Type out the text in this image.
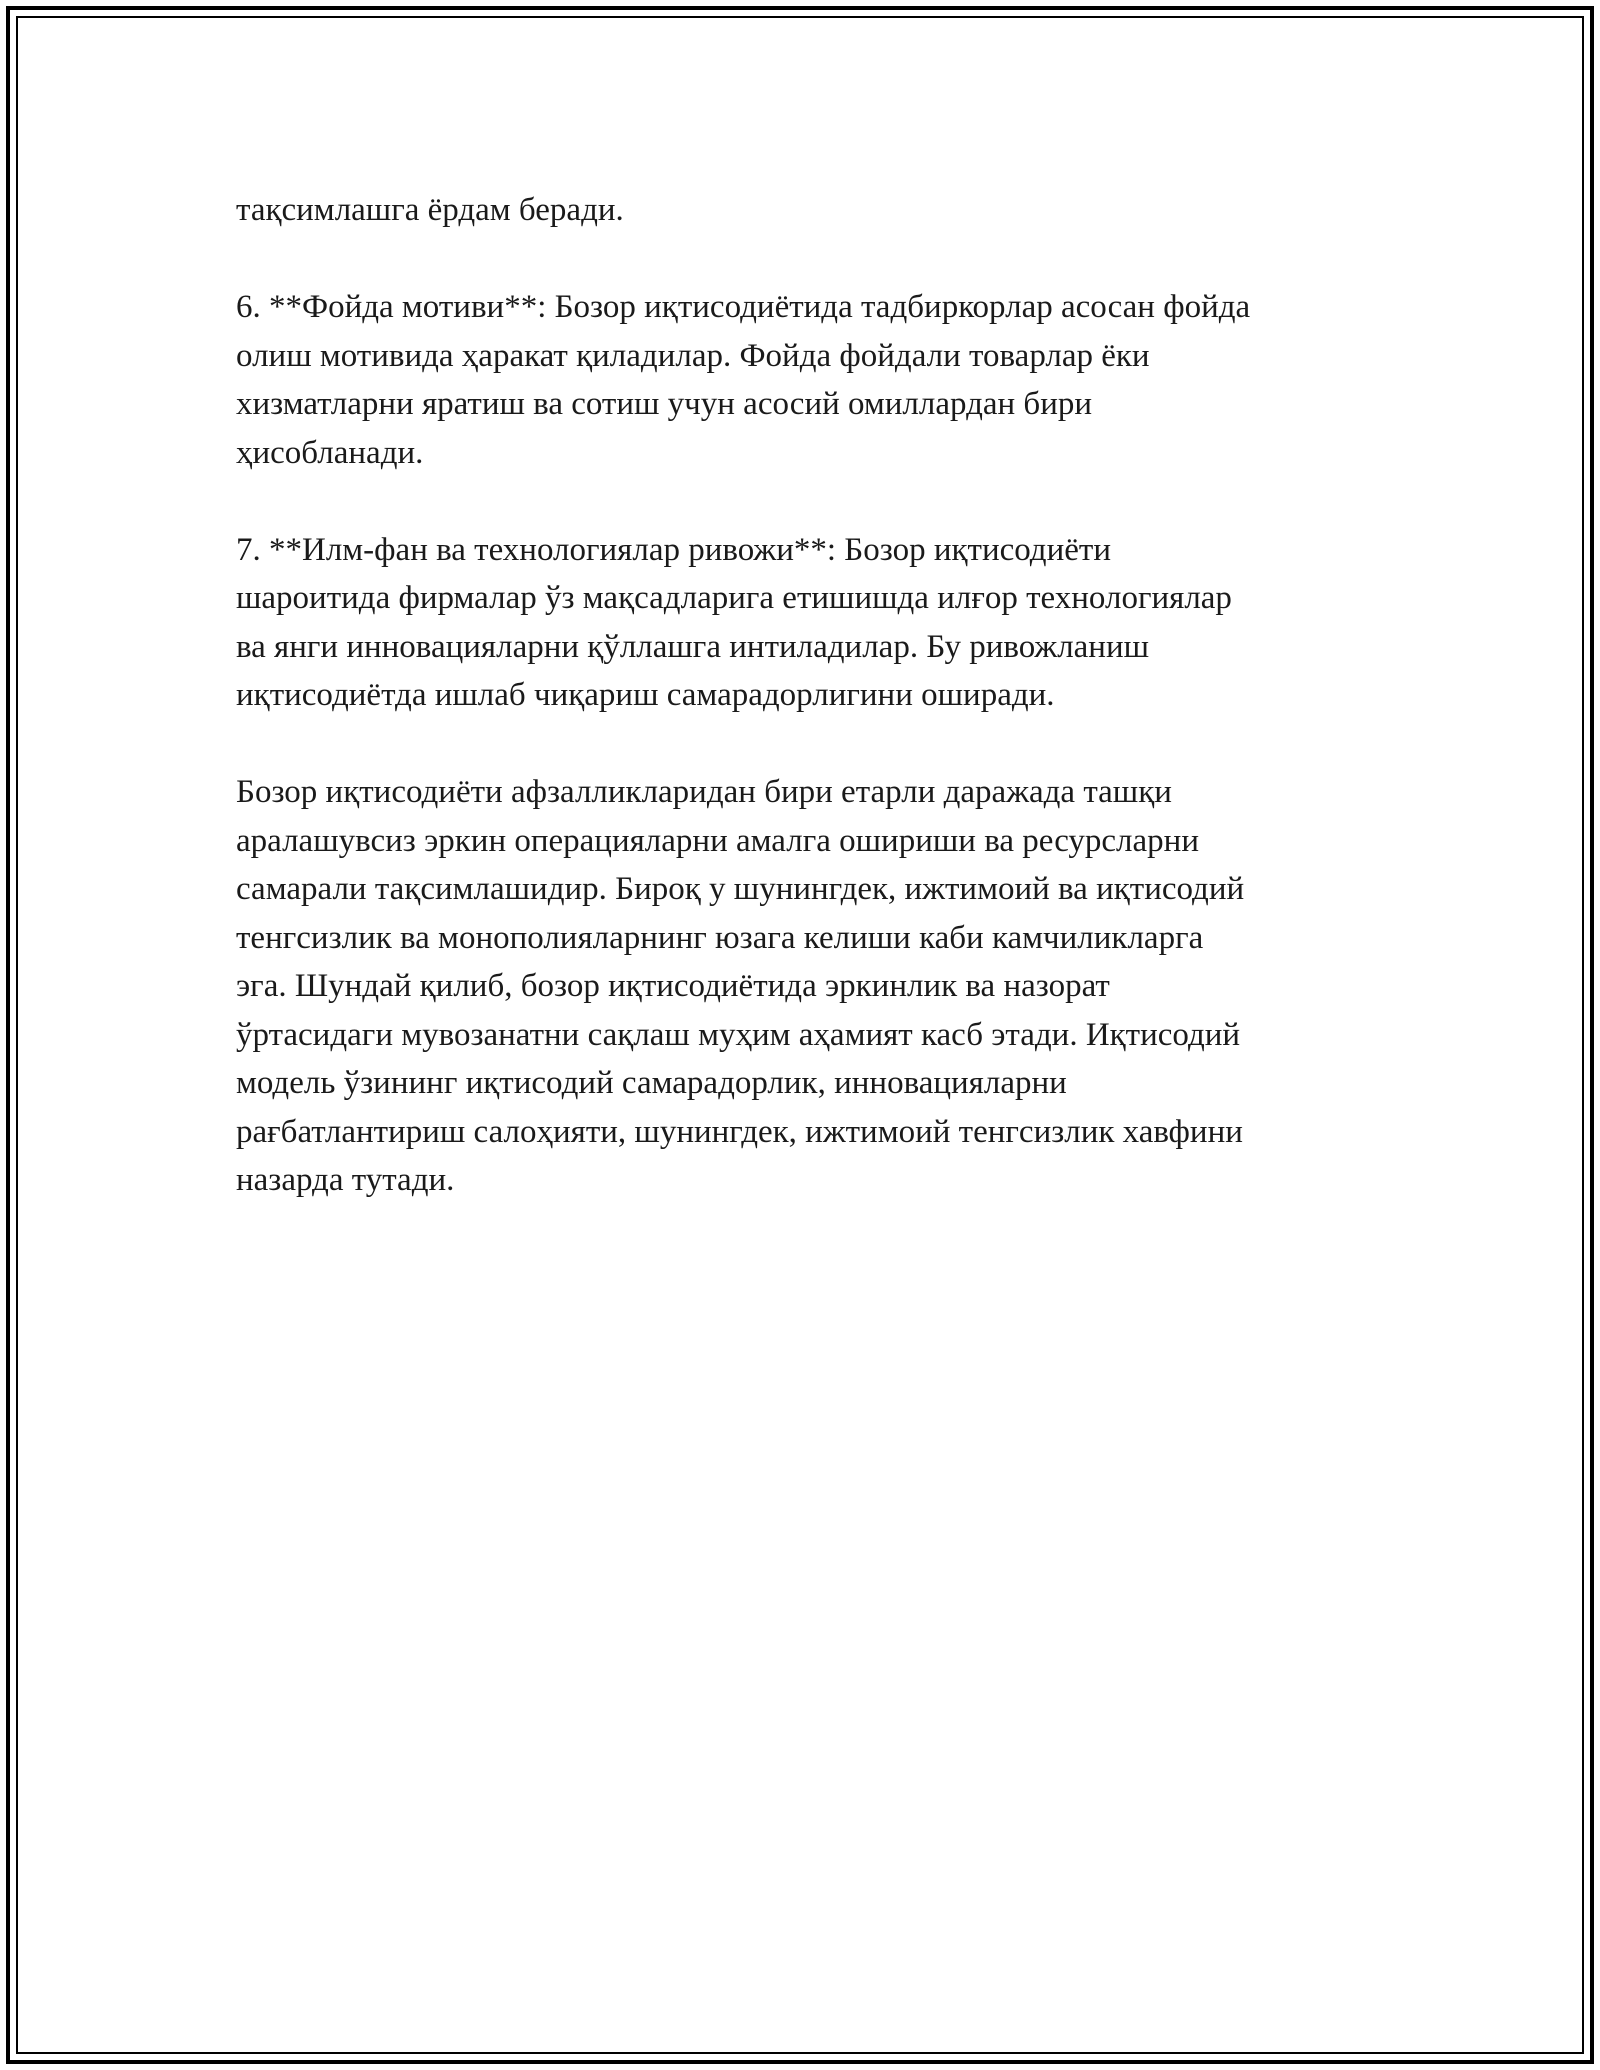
тақсимлашга ёрдам беради.

6. **Фойда мотиви**: Бозор иқтисодиётида тадбиркорлар асосан фойда
олиш мотивида ҳаракат қиладилар. Фойда фойдали товарлар ёки
хизматларни яратиш ва сотиш учун асосий омиллардан бири
ҳисобланади.

7. **Илм-фан ва технологиялар ривожи**: Бозор иқтисодиёти
шароитида фирмалар ўз мақсадларига етишишда илғор технологиялар
ва янги инновацияларни қўллашга интиладилар. Бу ривожланиш
иқтисодиётда ишлаб чиқариш самарадорлигини оширади.

Бозор иқтисодиёти афзалликларидан бири етарли даражада ташқи
аралашувсиз эркин операцияларни амалга ошириши ва ресурсларни
самарали тақсимлашидир. Бироқ у шунингдек, ижтимоий ва иқтисодий
тенгсизлик ва монополияларнинг юзага келиши каби камчиликларга
эга. Шундай қилиб, бозор иқтисодиётида эркинлик ва назорат
ўртасидаги мувозанатни сақлаш муҳим аҳамият касб этади. Иқтисодий
модель ўзининг иқтисодий самарадорлик, инновацияларни
рағбатлантириш салоҳияти, шунингдек, ижтимоий тенгсизлик хавфини
назарда тутади.
